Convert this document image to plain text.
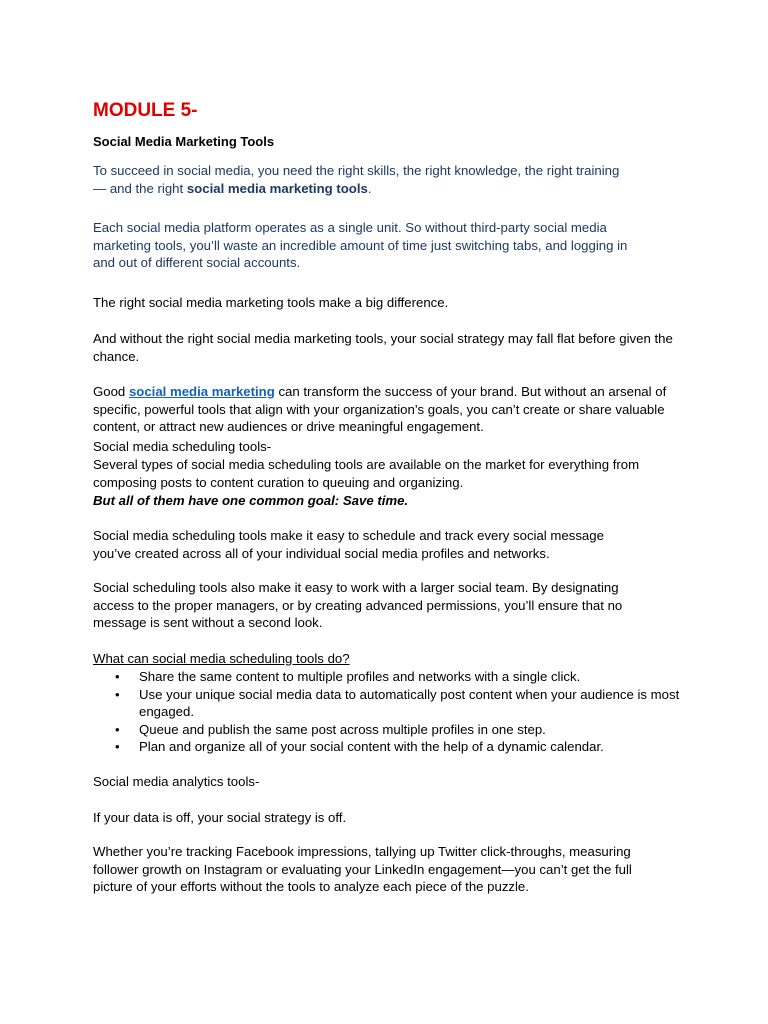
MODULE 5-

Social Media Marketing Tools

To succeed in social media, you need the right skills, the right knowledge, the right training
— and the right social media marketing tools.

Each social media platform operates as a single unit. So without third-party social media marketing tools, you’ll waste an incredible amount of time just switching tabs, and logging in and out of different social accounts.

The right social media marketing tools make a big difference.

And without the right social media marketing tools, your social strategy may fall flat before given the chance.

Good social media marketing can transform the success of your brand. But without an arsenal of specific, powerful tools that align with your organization’s goals, you can’t create or share valuable content, or attract new audiences or drive meaningful engagement.

Social media scheduling tools-

Several types of social media scheduling tools are available on the market for everything from composing posts to content curation to queuing and organizing.

But all of them have one common goal: Save time.

Social media scheduling tools make it easy to schedule and track every social message you’ve created across all of your individual social media profiles and networks.

Social scheduling tools also make it easy to work with a larger social team. By designating access to the proper managers, or by creating advanced permissions, you’ll ensure that no message is sent without a second look.

What can social media scheduling tools do?

• Share the same content to multiple profiles and networks with a single click.
• Use your unique social media data to automatically post content when your audience is most engaged.
• Queue and publish the same post across multiple profiles in one step.
• Plan and organize all of your social content with the help of a dynamic calendar.

Social media analytics tools-

If your data is off, your social strategy is off.

Whether you’re tracking Facebook impressions, tallying up Twitter click-throughs, measuring follower growth on Instagram or evaluating your LinkedIn engagement—you can’t get the full picture of your efforts without the tools to analyze each piece of the puzzle.
